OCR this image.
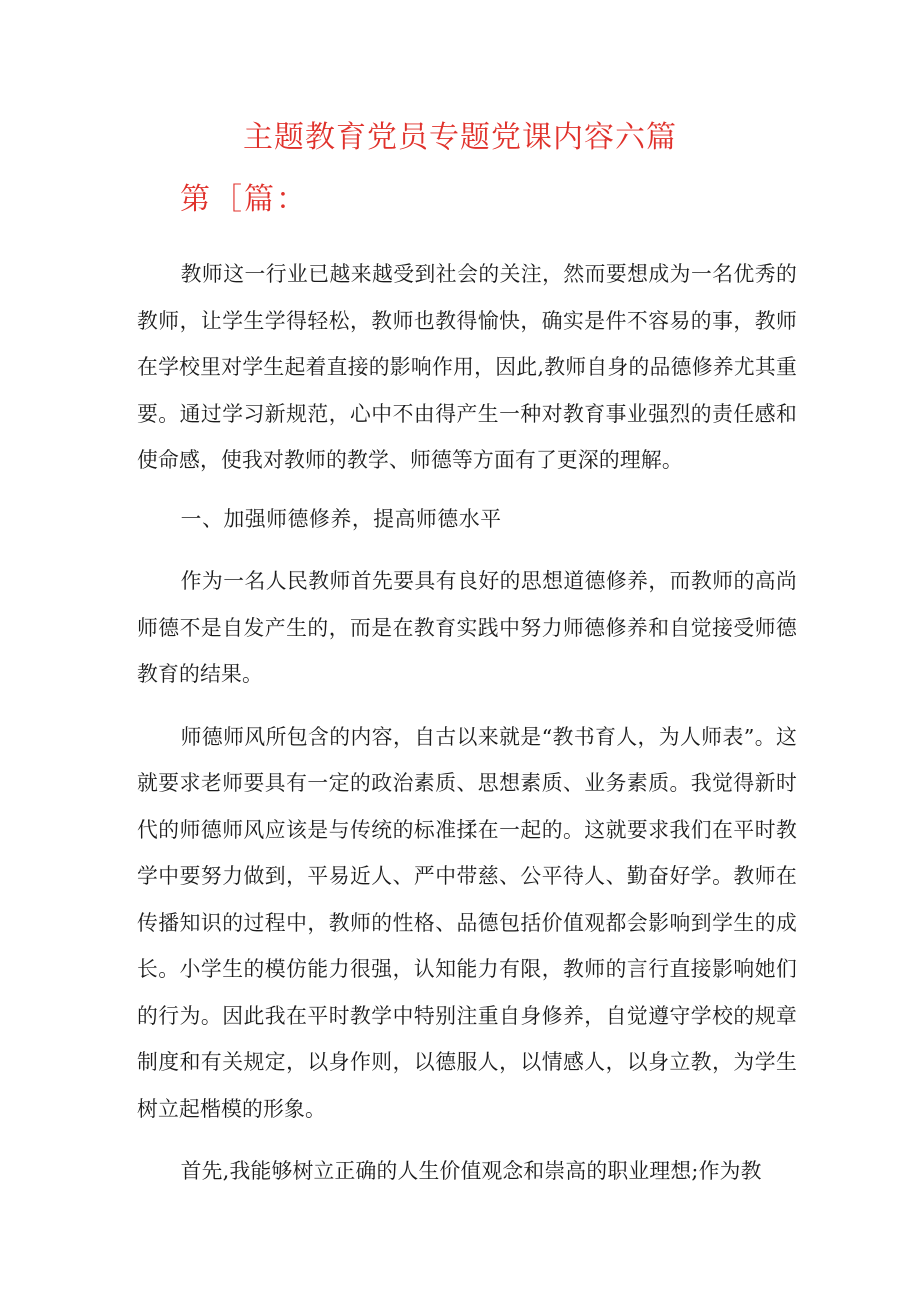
主题教育党员专题党课内容六篇
第［篇：

教师这一行业已越来越受到社会的关注，然而要想成为一名优秀的教师，让学生学得轻松，教师也教得愉快，确实是件不容易的事，教师在学校里对学生起着直接的影响作用，因此,教师自身的品德修养尤其重要。通过学习新规范，心中不由得产生一种对教育事业强烈的责任感和使命感，使我对教师的教学、师德等方面有了更深的理解。

一、加强师德修养，提高师德水平

作为一名人民教师首先要具有良好的思想道德修养，而教师的高尚师德不是自发产生的，而是在教育实践中努力师德修养和自觉接受师德教育的结果。

师德师风所包含的内容，自古以来就是“教书育人，为人师表”。这就要求老师要具有一定的政治素质、思想素质、业务素质。我觉得新时代的师德师风应该是与传统的标准揉在一起的。这就要求我们在平时教学中要努力做到，平易近人、严中带慈、公平待人、勤奋好学。教师在传播知识的过程中，教师的性格、品德包括价值观都会影响到学生的成长。小学生的模仿能力很强，认知能力有限，教师的言行直接影响她们的行为。因此我在平时教学中特别注重自身修养，自觉遵守学校的规章制度和有关规定，以身作则，以德服人，以情感人，以身立教，为学生树立起楷模的形象。

首先,我能够树立正确的人生价值观念和崇高的职业理想;作为教
